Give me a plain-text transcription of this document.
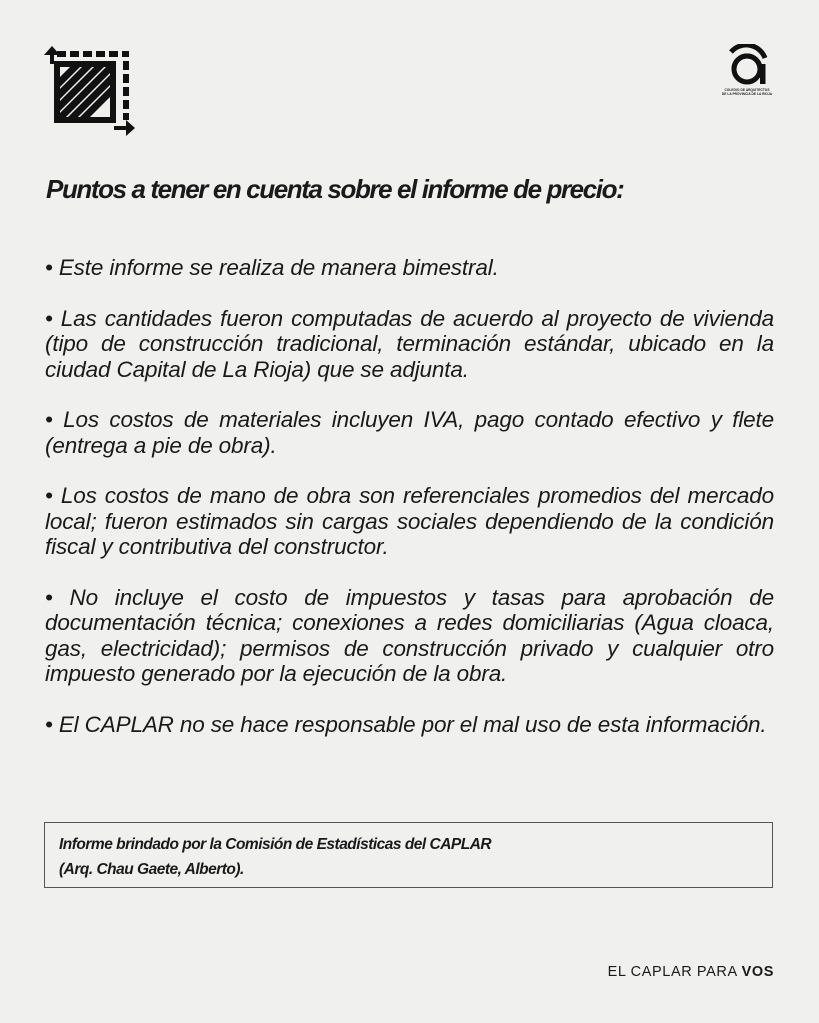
COLEGIO DE ARQUITECTOS
DE LA PROVINCIA DE LA RIOJA
Puntos a tener en cuenta sobre el informe de precio:
• Este informe se realiza de manera bimestral.
• Las cantidades fueron computadas de acuerdo al proyecto de vivienda (tipo de construcción tradicional, terminación estándar, ubicado en la ciudad Capital de La Rioja) que se adjunta.
• Los costos de materiales incluyen IVA, pago contado efectivo y flete (entrega a pie de obra).
• Los costos de mano de obra son referenciales promedios del mercado local; fueron estimados sin cargas sociales dependiendo de la condición fiscal y contributiva del constructor.
• No incluye el costo de impuestos y tasas para aprobación de documentación técnica; conexiones a redes domiciliarias (Agua cloaca, gas, electricidad); permisos de construcción privado y cualquier otro impuesto generado por la ejecución de la obra.
• El CAPLAR no se hace responsable por el mal uso de esta información.
Informe brindado por la Comisión de Estadísticas del CAPLAR
(Arq. Chau Gaete, Alberto).
EL CAPLAR PARA VOS
